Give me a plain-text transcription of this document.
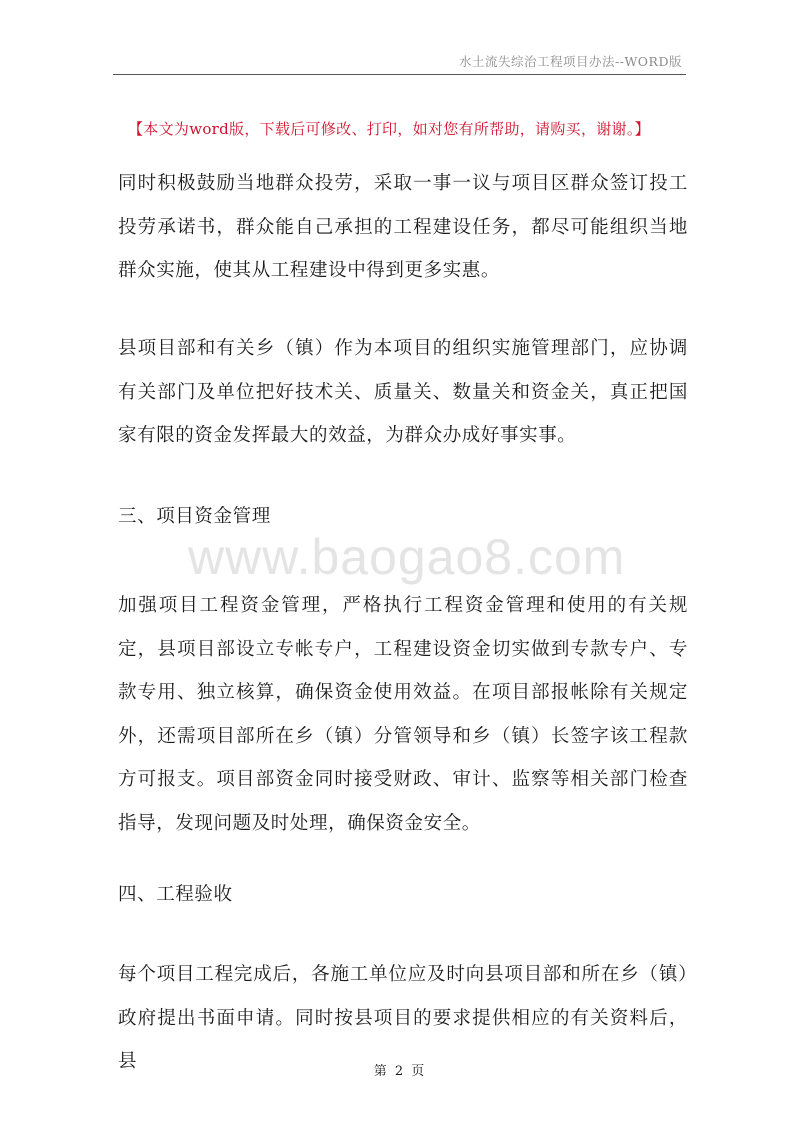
水土流失综治工程项目办法--WORD版
www.baogao8.com
【本文为word版，下载后可修改、打印，如对您有所帮助，请购买，谢谢。】

同时积极鼓励当地群众投劳，采取一事一议与项目区群众签订投工投劳承诺书，群众能自己承担的工程建设任务，都尽可能组织当地群众实施，使其从工程建设中得到更多实惠。

县项目部和有关乡（镇）作为本项目的组织实施管理部门，应协调有关部门及单位把好技术关、质量关、数量关和资金关，真正把国家有限的资金发挥最大的效益，为群众办成好事实事。

三、项目资金管理

加强项目工程资金管理，严格执行工程资金管理和使用的有关规定，县项目部设立专帐专户，工程建设资金切实做到专款专户、专款专用、独立核算，确保资金使用效益。在项目部报帐除有关规定外，还需项目部所在乡（镇）分管领导和乡（镇）长签字该工程款方可报支。项目部资金同时接受财政、审计、监察等相关部门检查指导，发现问题及时处理，确保资金安全。

四、工程验收

每个项目工程完成后，各施工单位应及时向县项目部和所在乡（镇）政府提出书面申请。同时按县项目的要求提供相应的有关资料后，县	第 2 页
